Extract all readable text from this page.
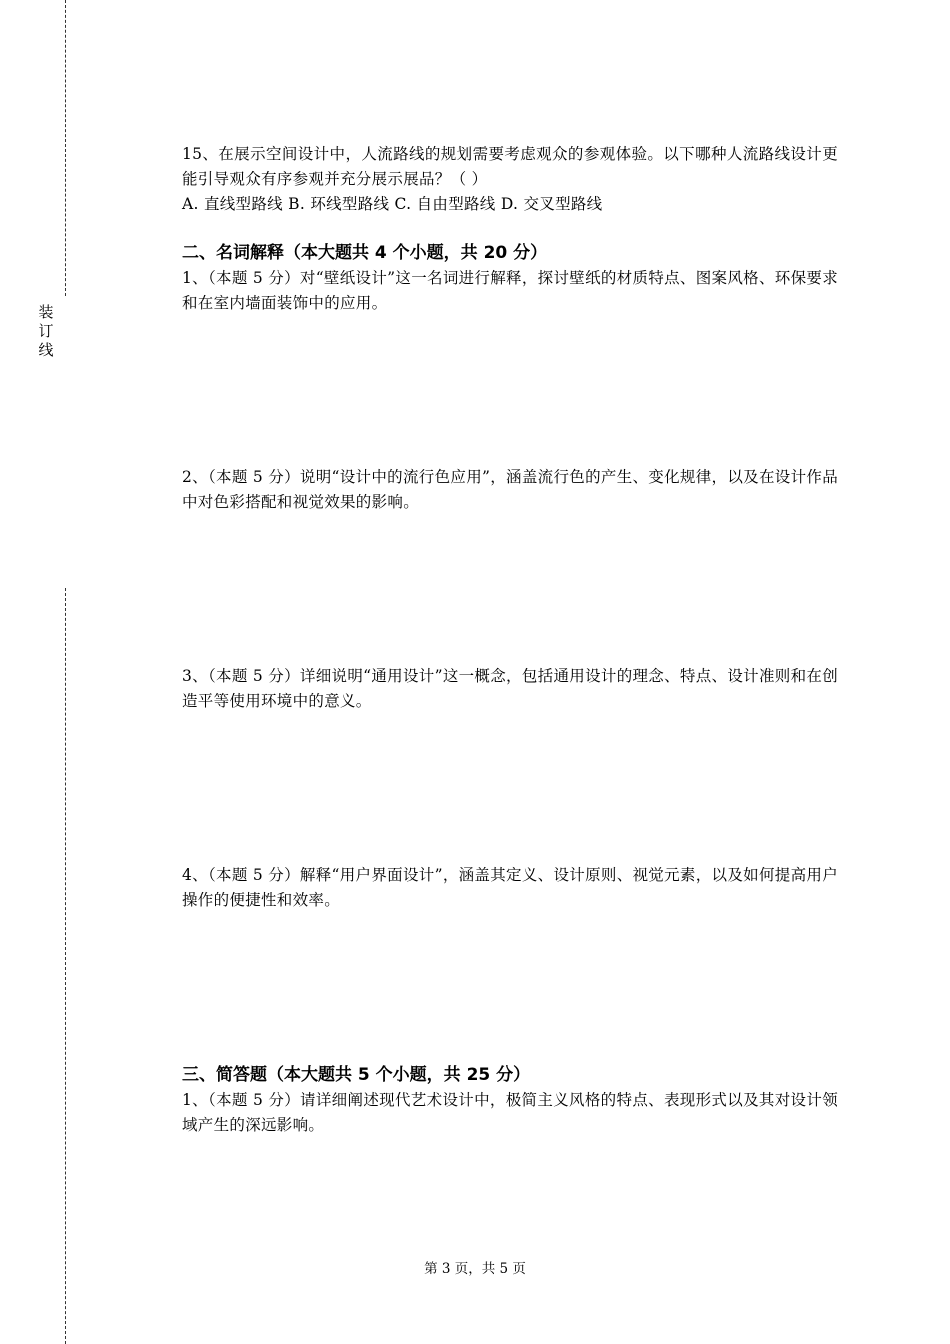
装
订
线

15、在展示空间设计中，人流路线的规划需要考虑观众的参观体验。以下哪种人流路线设计更能引导观众有序参观并充分展示展品？（ ）

A. 直线型路线 B. 环线型路线 C. 自由型路线 D. 交叉型路线

二、名词解释（本大题共 4 个小题，共 20 分）

1、（本题 5 分）对“壁纸设计”这一名词进行解释，探讨壁纸的材质特点、图案风格、环保要求和在室内墙面装饰中的应用。

2、（本题 5 分）说明“设计中的流行色应用”，涵盖流行色的产生、变化规律，以及在设计作品中对色彩搭配和视觉效果的影响。

3、（本题 5 分）详细说明“通用设计”这一概念，包括通用设计的理念、特点、设计准则和在创造平等使用环境中的意义。

4、（本题 5 分）解释“用户界面设计”，涵盖其定义、设计原则、视觉元素，以及如何提高用户操作的便捷性和效率。

三、简答题（本大题共 5 个小题，共 25 分）

1、（本题 5 分）请详细阐述现代艺术设计中，极简主义风格的特点、表现形式以及其对设计领域产生的深远影响。

第 3 页，共 5 页
